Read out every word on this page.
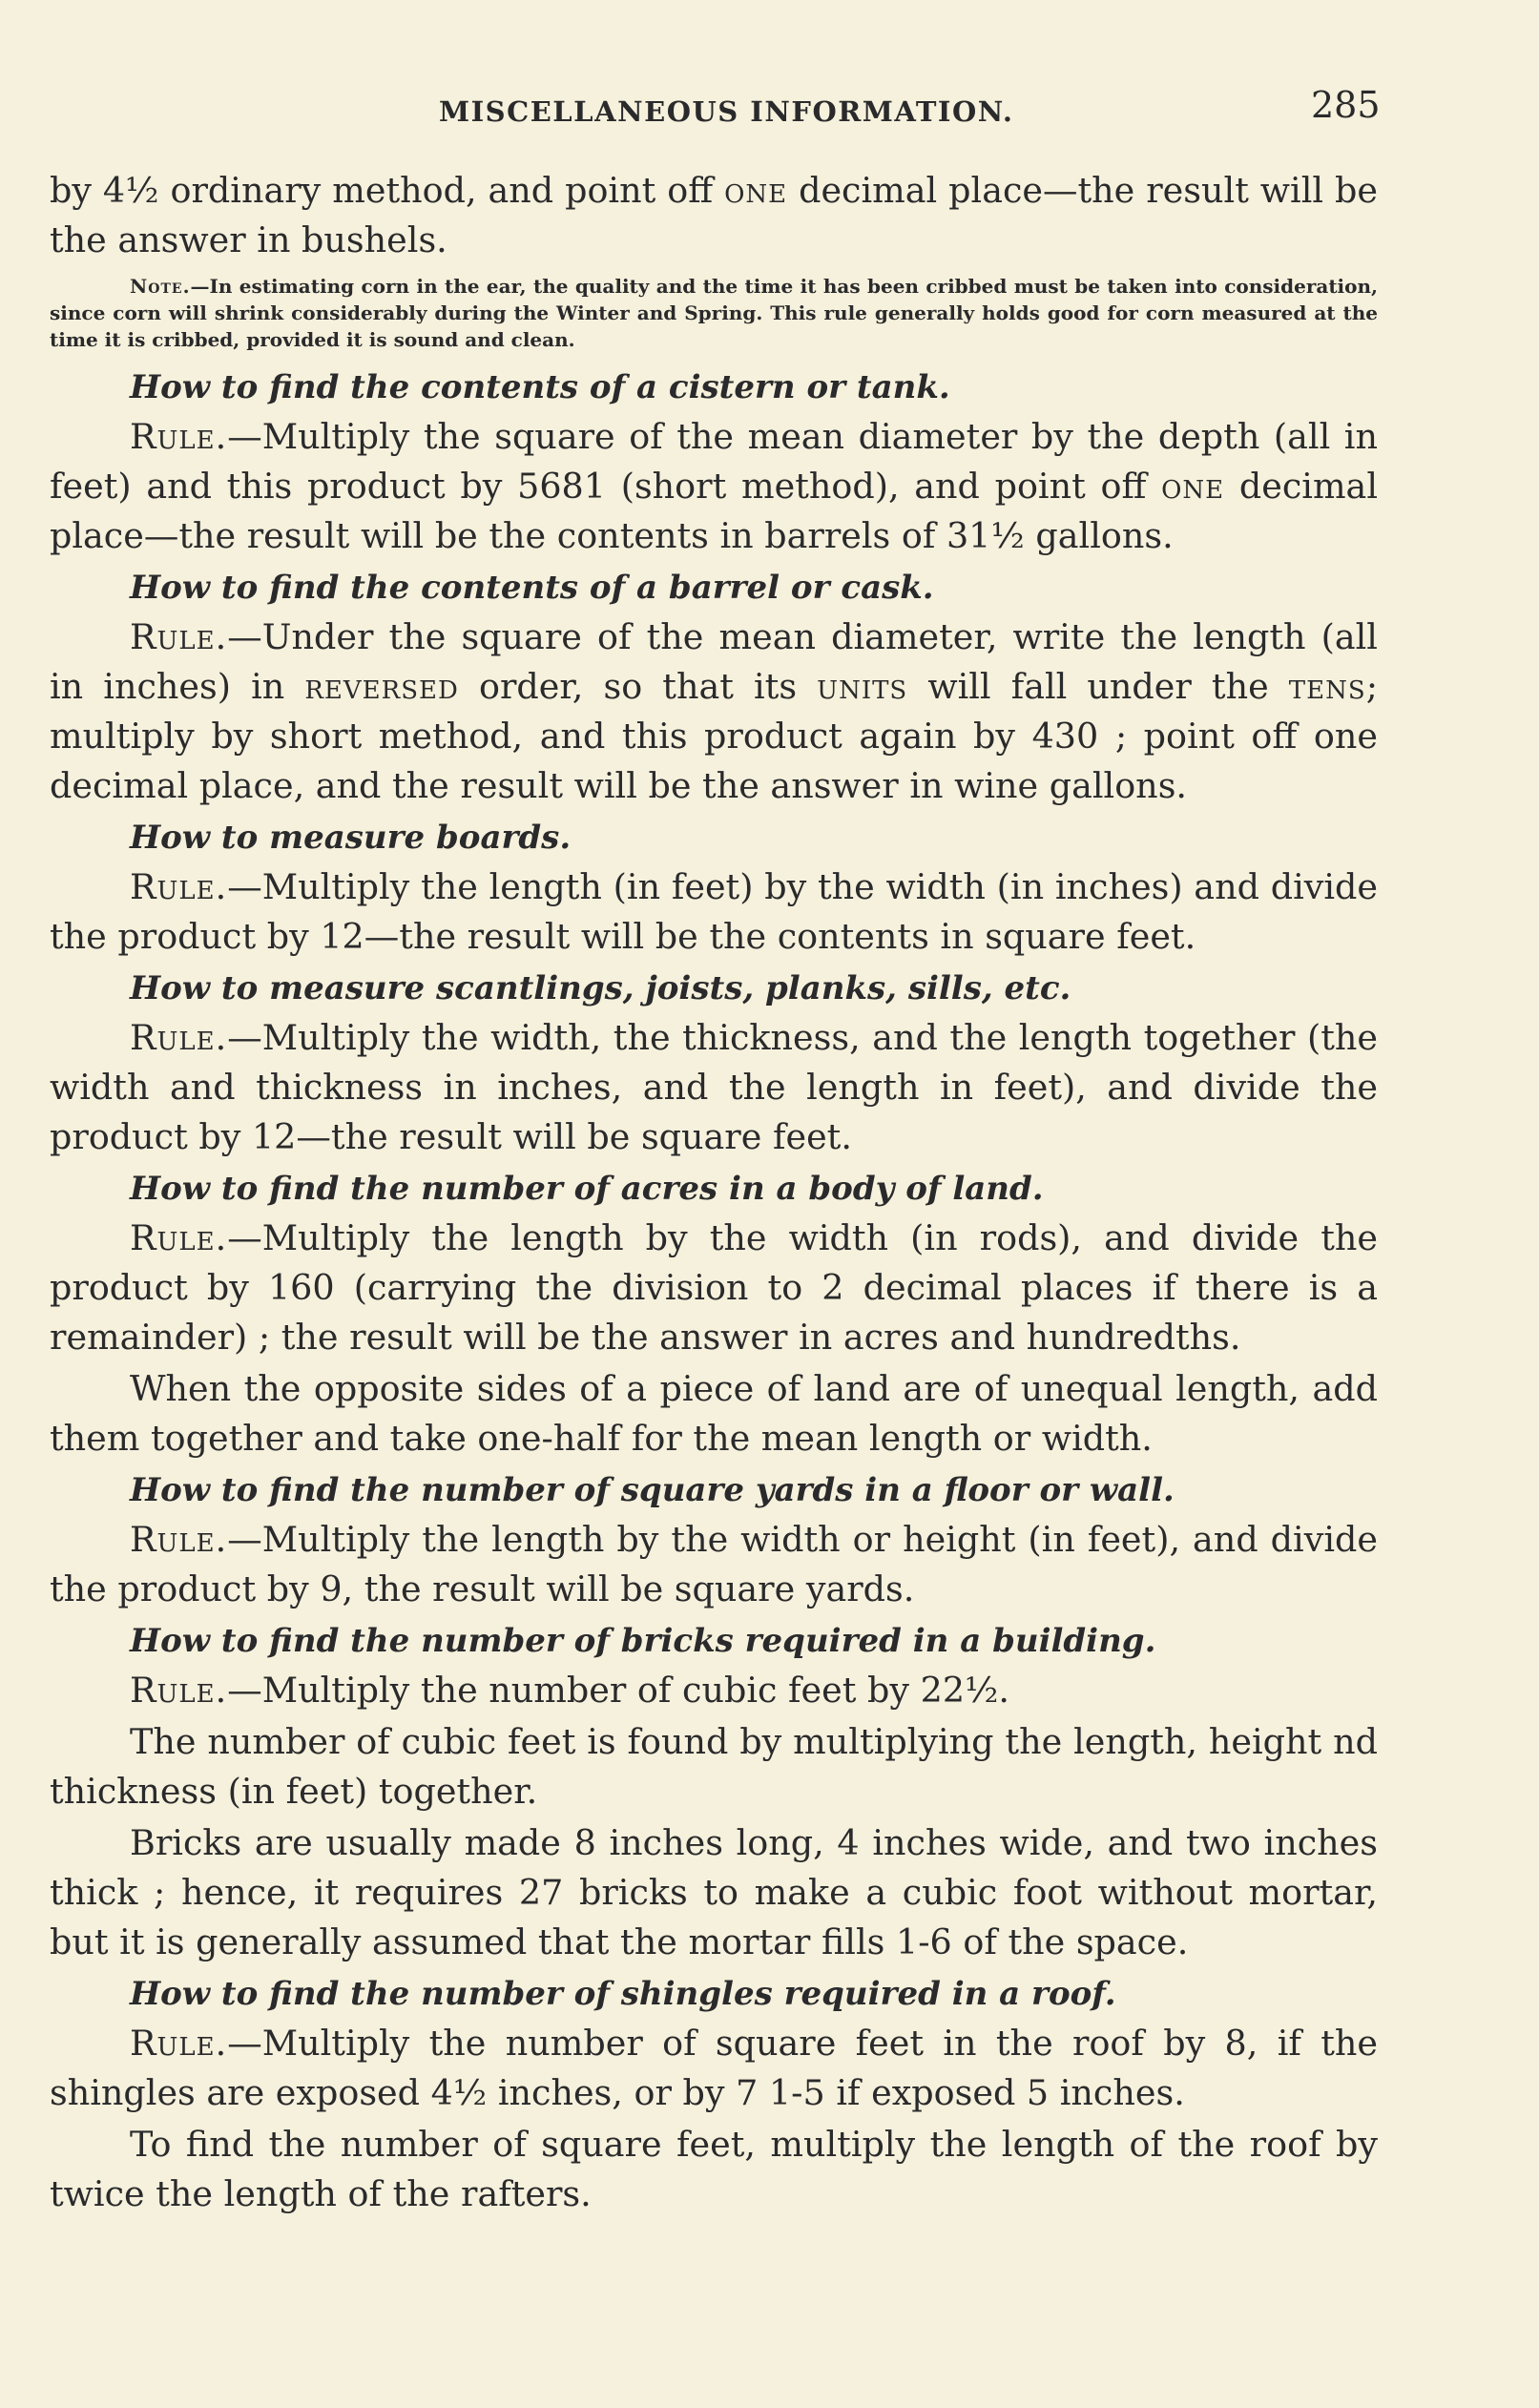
MISCELLANEOUS INFORMATION.	285

by 4½ ordinary method, and point off one decimal place—the result will be the answer in bushels.

Note.—In estimating corn in the ear, the quality and the time it has been cribbed must be taken into consideration, since corn will shrink considerably during the Winter and Spring. This rule generally holds good for corn measured at the time it is cribbed, provided it is sound and clean.

How to find the contents of a cistern or tank.

Rule.—Multiply the square of the mean diameter by the depth (all in feet) and this product by 5681 (short method), and point off one decimal place—the result will be the contents in barrels of 31½ gallons.

How to find the contents of a barrel or cask.

Rule.—Under the square of the mean diameter, write the length (all in inches) in reversed order, so that its units will fall under the tens; multiply by short method, and this product again by 430 ; point off one decimal place, and the result will be the answer in wine gallons.

How to measure boards.

Rule.—Multiply the length (in feet) by the width (in inches) and divide the product by 12—the result will be the contents in square feet.

How to measure scantlings, joists, planks, sills, etc.

Rule.—Multiply the width, the thickness, and the length together (the width and thickness in inches, and the length in feet), and divide the product by 12—the result will be square feet.

How to find the number of acres in a body of land.

Rule.—Multiply the length by the width (in rods), and divide the product by 160 (carrying the division to 2 decimal places if there is a remainder) ; the result will be the answer in acres and hundredths.

When the opposite sides of a piece of land are of unequal length, add them together and take one-half for the mean length or width.

How to find the number of square yards in a floor or wall.

Rule.—Multiply the length by the width or height (in feet), and divide the product by 9, the result will be square yards.

How to find the number of bricks required in a building.

Rule.—Multiply the number of cubic feet by 22½.

The number of cubic feet is found by multiplying the length, height nd thickness (in feet) together.

Bricks are usually made 8 inches long, 4 inches wide, and two inches thick ; hence, it requires 27 bricks to make a cubic foot without mortar, but it is generally assumed that the mortar fills 1-6 of the space.

How to find the number of shingles required in a roof.

Rule.—Multiply the number of square feet in the roof by 8, if the shingles are exposed 4½ inches, or by 7 1-5 if exposed 5 inches.

To find the number of square feet, multiply the length of the roof by twice the length of the rafters.
